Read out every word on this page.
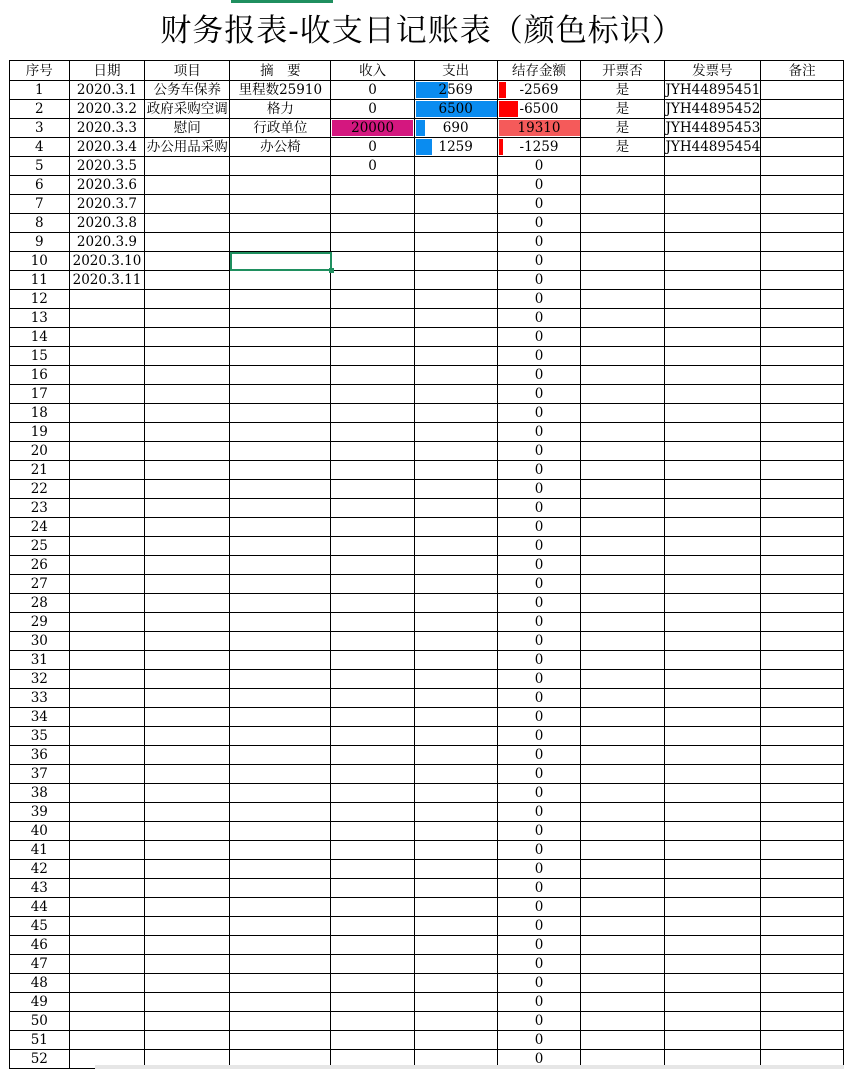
财务报表-收支日记账表（颜色标识）
序号	日期	项目	摘　要	收入	支出	结存金额	开票否	发票号	备注
1	2020.3.1	公务车保养	里程数25910	0	2569	-2569	是	JYH44895451	
2	2020.3.2	政府采购空调	格力	0	6500	-6500	是	JYH44895452	
3	2020.3.3	慰问	行政单位	20000	690	19310	是	JYH44895453	
4	2020.3.4	办公用品采购	办公椅	0	1259	-1259	是	JYH44895454	
5	2020.3.5			0		0			
6	2020.3.6					0			
7	2020.3.7					0			
8	2020.3.8					0			
9	2020.3.9					0			
10	2020.3.10					0			
11	2020.3.11					0			
12						0			
13						0			
14						0			
15						0			
16						0			
17						0			
18						0			
19						0			
20						0			
21						0			
22						0			
23						0			
24						0			
25						0			
26						0			
27						0			
28						0			
29						0			
30						0			
31						0			
32						0			
33						0			
34						0			
35						0			
36						0			
37						0			
38						0			
39						0			
40						0			
41						0			
42						0			
43						0			
44						0			
45						0			
46						0			
47						0			
48						0			
49						0			
50						0			
51						0			
52						0			
